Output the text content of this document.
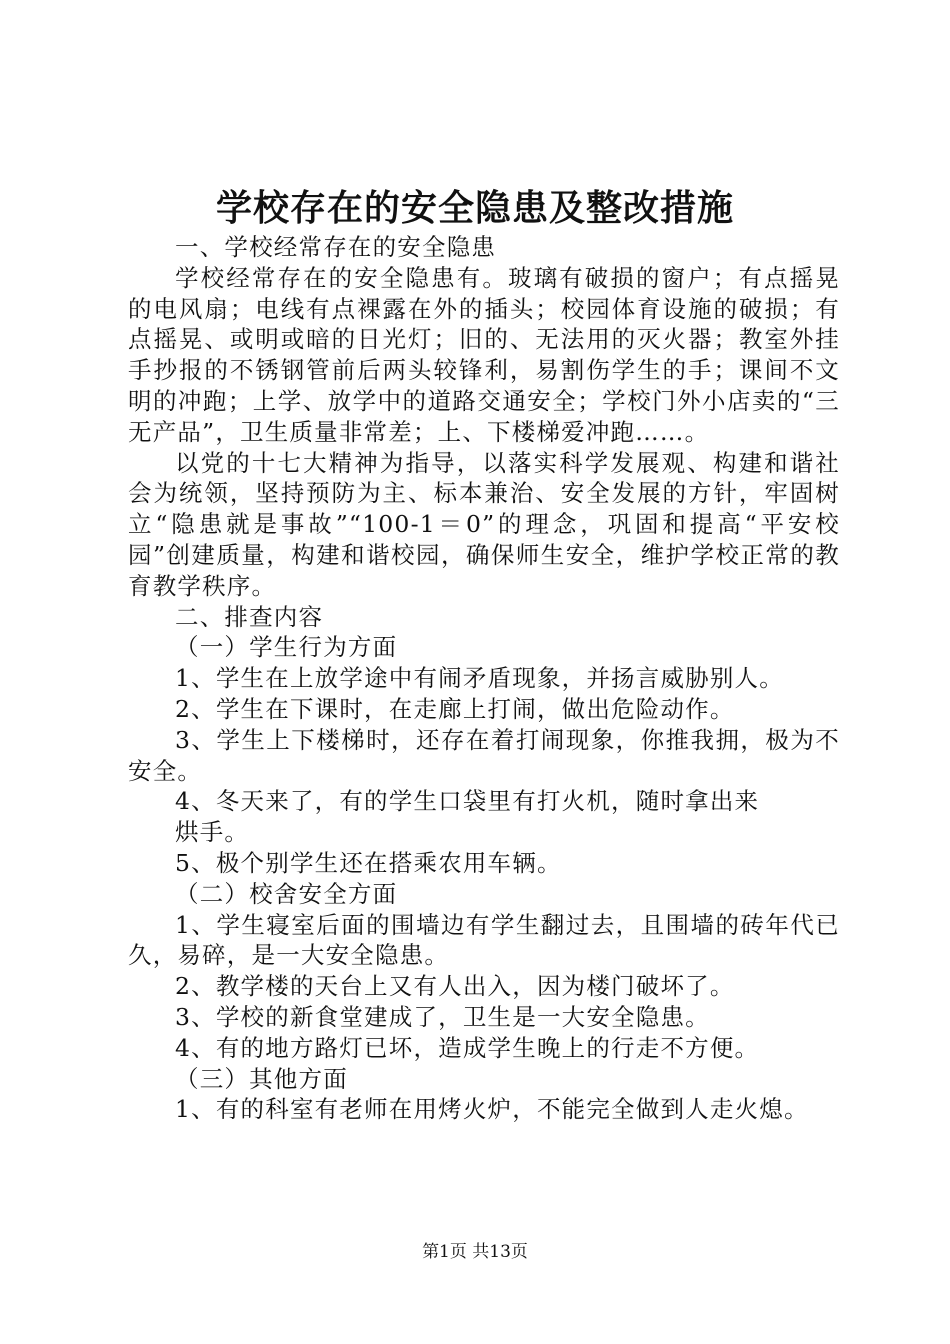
学校存在的安全隐患及整改措施

一、学校经常存在的安全隐患

学校经常存在的安全隐患有。玻璃有破损的窗户；有点摇晃的电风扇；电线有点裸露在外的插头；校园体育设施的破损；有点摇晃、或明或暗的日光灯；旧的、无法用的灭火器；教室外挂手抄报的不锈钢管前后两头较锋利，易割伤学生的手；课间不文明的冲跑；上学、放学中的道路交通安全；学校门外小店卖的“三无产品”，卫生质量非常差；上、下楼梯爱冲跑……。

以党的十七大精神为指导，以落实科学发展观、构建和谐社会为统领，坚持预防为主、标本兼治、安全发展的方针，牢固树立“隐患就是事故”“100-1＝0”的理念，巩固和提高“平安校园”创建质量，构建和谐校园，确保师生安全，维护学校正常的教育教学秩序。

二、排查内容

（一）学生行为方面

1、学生在上放学途中有闹矛盾现象，并扬言威胁别人。

2、学生在下课时，在走廊上打闹，做出危险动作。

3、学生上下楼梯时，还存在着打闹现象，你推我拥，极为不安全。

4、冬天来了，有的学生口袋里有打火机，随时拿出来

烘手。

5、极个别学生还在搭乘农用车辆。

（二）校舍安全方面

1、学生寝室后面的围墙边有学生翻过去，且围墙的砖年代已久，易碎，是一大安全隐患。

2、教学楼的天台上又有人出入，因为楼门破坏了。

3、学校的新食堂建成了，卫生是一大安全隐患。

4、有的地方路灯已坏，造成学生晚上的行走不方便。

（三）其他方面

1、有的科室有老师在用烤火炉，不能完全做到人走火熄。

第1页 共13页
